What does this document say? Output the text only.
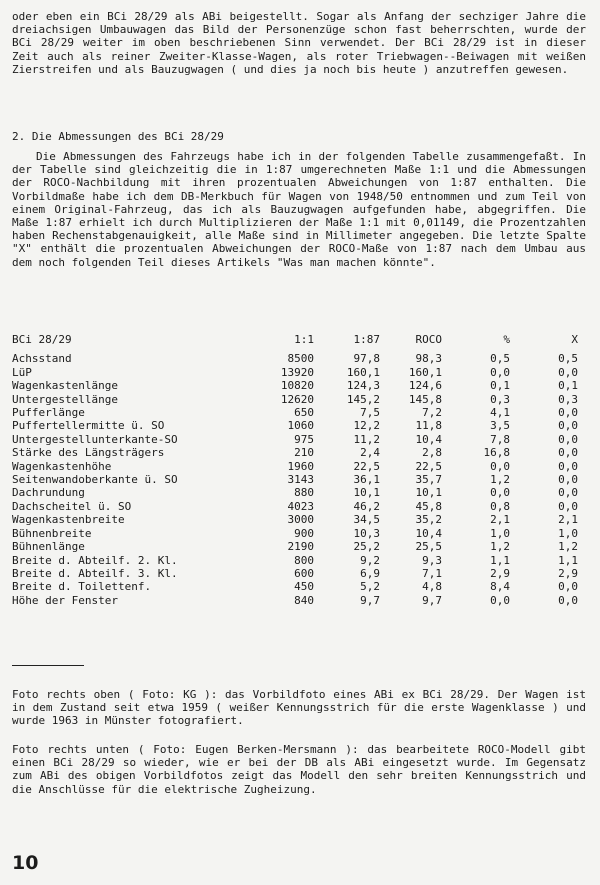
oder eben ein BCi 28/29 als ABi beigestellt. Sogar als Anfang der sechziger Jahre die dreiachsigen Umbauwagen das Bild der Personenzüge schon fast beherrschten, wurde der BCi 28/29 weiter im oben beschriebenen Sinn verwendet. Der BCi 28/29 ist in dieser Zeit auch als reiner Zweiter-Klasse-Wagen, als roter Triebwagen--Beiwagen mit weißen Zierstreifen und als Bauzugwagen ( und dies ja noch bis heute ) anzutreffen gewesen.

2. Die Abmessungen des BCi 28/29

Die Abmessungen des Fahrzeugs habe ich in der folgenden Tabelle zusammengefaßt. In der Tabelle sind gleichzeitig die in 1:87 umgerechneten Maße 1:1 und die Abmessungen der ROCO-Nachbildung mit ihren prozentualen Abweichungen von 1:87 enthalten. Die Vorbildmaße habe ich dem DB-Merkbuch für Wagen von 1948/50 entnommen und zum Teil von einem Original-Fahrzeug, das ich als Bauzugwagen aufgefunden habe, abgegriffen. Die Maße 1:87 erhielt ich durch Multiplizieren der Maße 1:1 mit 0,01149, die Prozentzahlen haben Rechenstabgenauigkeit, alle Maße sind in Millimeter angegeben. Die letzte Spalte "X" enthält die prozentualen Abweichungen der ROCO-Maße von 1:87 nach dem Umbau aus dem noch folgenden Teil dieses Artikels "Was man machen könnte".

BCi 28/29	1:1	1:87	ROCO	%	X
Achsstand	8500	97,8	98,3	0,5	0,5
LüP	13920	160,1	160,1	0,0	0,0
Wagenkastenlänge	10820	124,3	124,6	0,1	0,1
Untergestellänge	12620	145,2	145,8	0,3	0,3
Pufferlänge	650	7,5	7,2	4,1	0,0
Puffertellermitte ü. SO	1060	12,2	11,8	3,5	0,0
Untergestellunterkante-SO	975	11,2	10,4	7,8	0,0
Stärke des Längsträgers	210	2,4	2,8	16,8	0,0
Wagenkastenhöhe	1960	22,5	22,5	0,0	0,0
Seitenwandoberkante ü. SO	3143	36,1	35,7	1,2	0,0
Dachrundung	880	10,1	10,1	0,0	0,0
Dachscheitel ü. SO	4023	46,2	45,8	0,8	0,0
Wagenkastenbreite	3000	34,5	35,2	2,1	2,1
Bühnenbreite	900	10,3	10,4	1,0	1,0
Bühnenlänge	2190	25,2	25,5	1,2	1,2
Breite d. Abteilf. 2. Kl.	800	9,2	9,3	1,1	1,1
Breite d. Abteilf. 3. Kl.	600	6,9	7,1	2,9	2,9
Breite d. Toilettenf.	450	5,2	4,8	8,4	0,0
Höhe der Fenster	840	9,7	9,7	0,0	0,0

Foto rechts oben ( Foto: KG ): das Vorbildfoto eines ABi ex BCi 28/29. Der Wagen ist in dem Zustand seit etwa 1959 ( weißer Kennungsstrich für die erste Wagenklasse ) und wurde 1963 in Münster fotografiert.

Foto rechts unten ( Foto: Eugen Berken-Mersmann ): das bearbeitete ROCO-Modell gibt einen BCi 28/29 so wieder, wie er bei der DB als ABi eingesetzt wurde. Im Gegensatz zum ABi des obigen Vorbildfotos zeigt das Modell den sehr breiten Kennungsstrich und die Anschlüsse für die elektrische Zugheizung.

10
